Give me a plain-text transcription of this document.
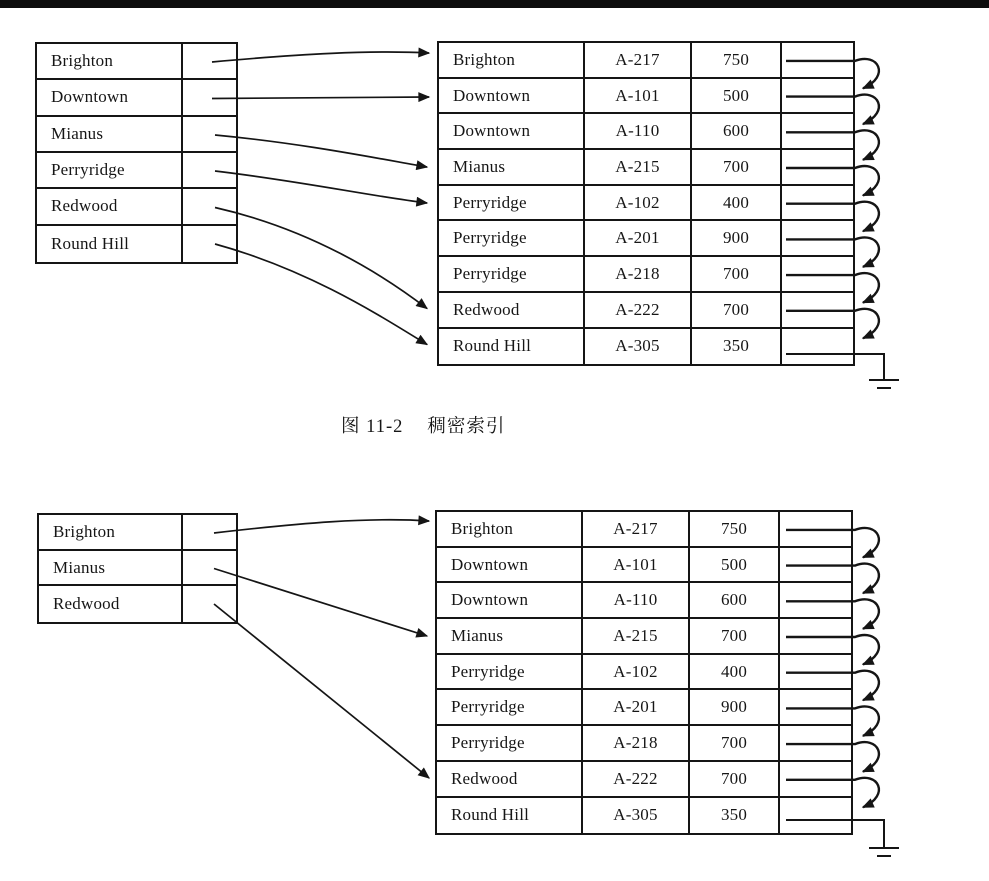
Brighton
Downtown
Mianus
Perryridge
Redwood
Round Hill
Brighton	A-217	750
Downtown	A-101	500
Downtown	A-110	600
Mianus	A-215	700
Perryridge	A-102	400
Perryridge	A-201	900
Perryridge	A-218	700
Redwood	A-222	700
Round Hill	A-305	350
图 11-2 稠密索引
Brighton
Mianus
Redwood
Brighton	A-217	750
Downtown	A-101	500
Downtown	A-110	600
Mianus	A-215	700
Perryridge	A-102	400
Perryridge	A-201	900
Perryridge	A-218	700
Redwood	A-222	700
Round Hill	A-305	350
